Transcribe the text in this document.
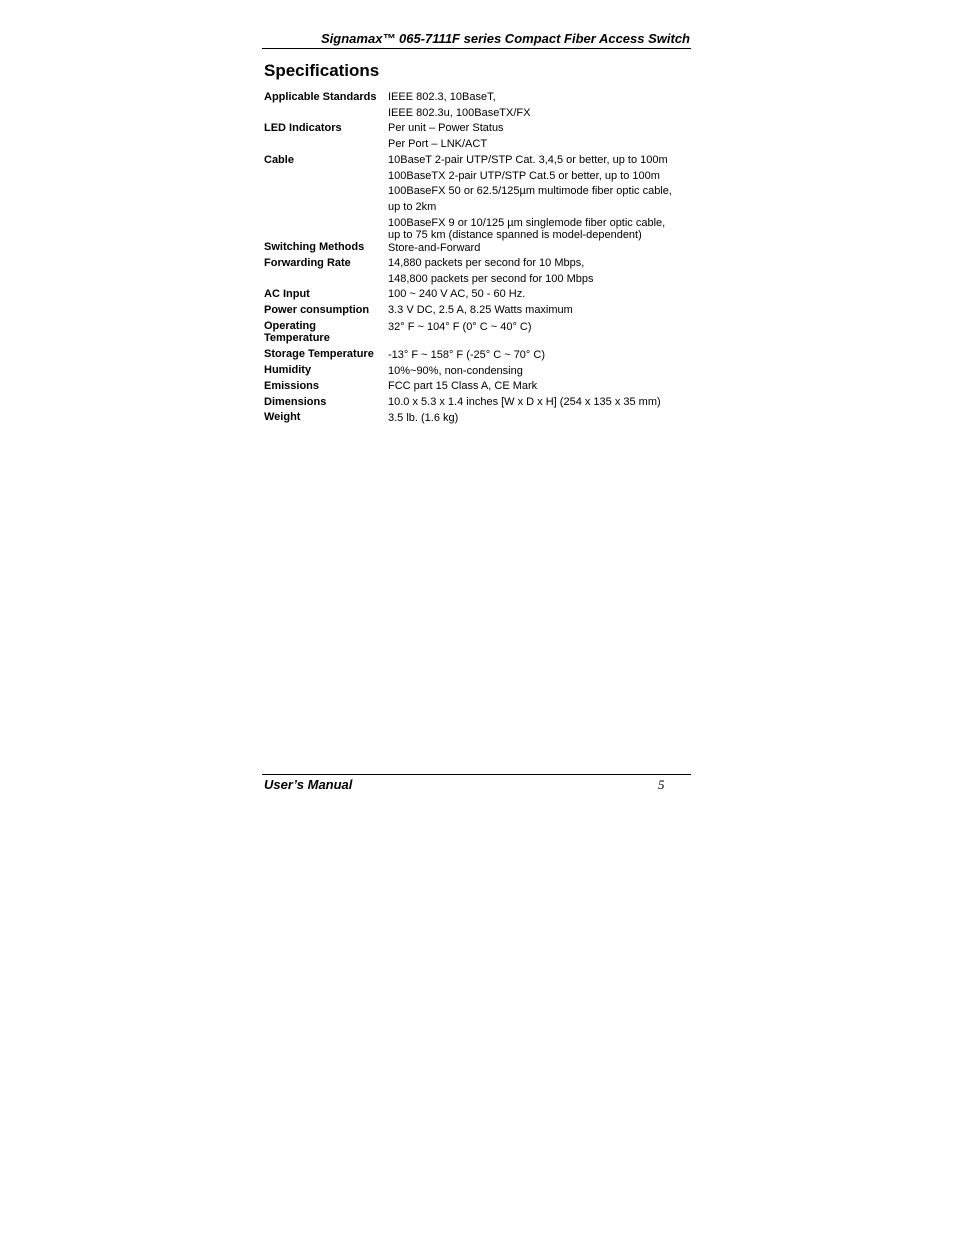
Signamax™ 065-7111F series Compact Fiber Access Switch
Specifications
Applicable Standards IEEE 802.3, 10BaseT,
IEEE 802.3u, 100BaseTX/FX
LED Indicators	Per unit – Power Status
Per Port – LNK/ACT
Cable	10BaseT 2-pair UTP/STP Cat. 3,4,5 or better, up to 100m
100BaseTX 2-pair UTP/STP Cat.5 or better, up to 100m
100BaseFX 50 or 62.5/125µm multimode fiber optic cable,
up to 2km
100BaseFX 9 or 10/125 µm singlemode fiber optic cable,
up to 75 km (distance spanned is model-dependent)
Switching Methods Store-and-Forward
Forwarding Rate	14,880 packets per second for 10 Mbps,
148,800 packets per second for 100 Mbps
AC Input	100 ~ 240 V AC, 50 - 60 Hz.
Power consumption 3.3 V DC, 2.5 A, 8.25 Watts maximum
Operating
Temperature
32° F ~ 104° F (0° C ~ 40° C)
Storage Temperature -13° F ~ 158° F (-25° C ~ 70° C)
Humidity	10%~90%, non-condensing
Emissions	FCC part 15 Class A, CE Mark
Dimensions	10.0 x 5.3 x 1.4 inches [W x D x H] (254 x 135 x 35 mm)
Weight	3.5 lb. (1.6 kg)
User’s Manual	5
